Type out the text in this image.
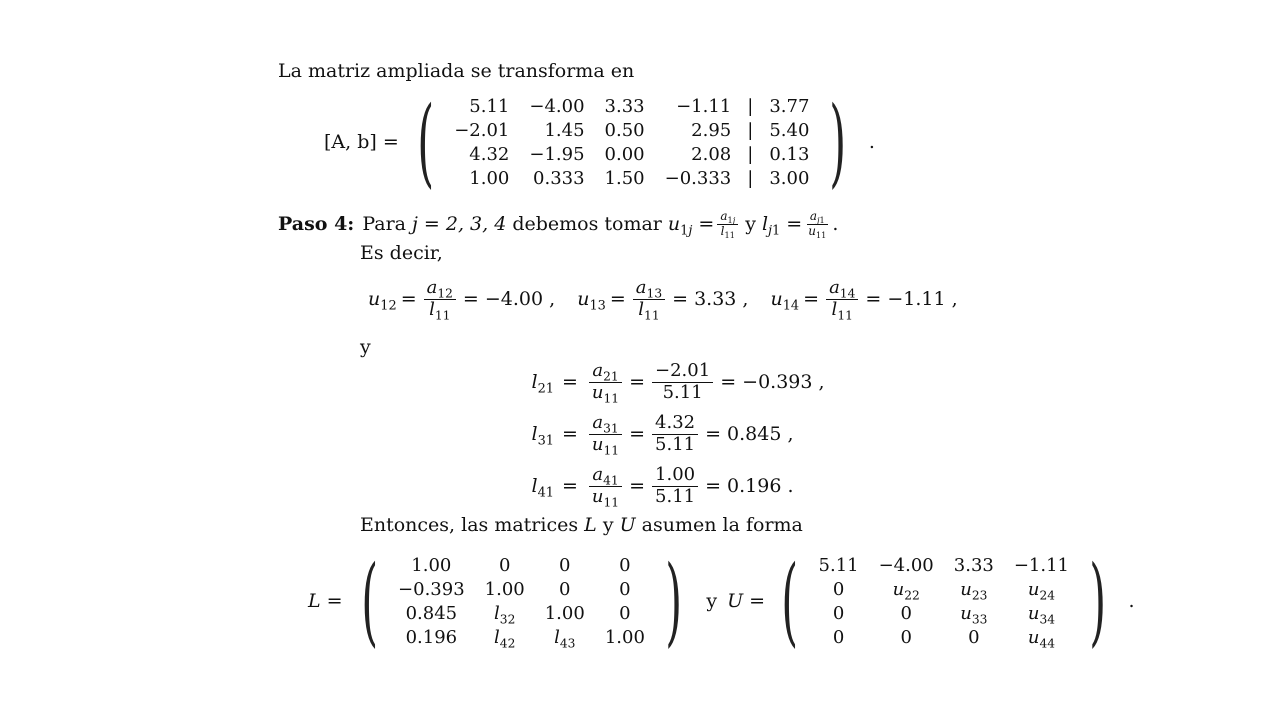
La matriz ampliada se transforma en
[A, b] = ( 5.11	−4.00	3.33	−1.11	|	3.77
−2.01	1.45	0.50	2.95	|	5.40
4.32	−1.95	0.00	2.08	|	0.13
1.00	0.333	1.50	−0.333	|	3.00 ) .
Paso 4: Para j = 2, 3, 4 debemos tomar $u_{1j} = \frac{a_{1j}}{l_{11}}$ y $l_{j1} = \frac{a_{j1}}{u_{11}}$ .
Es decir,
$u_{12} = \frac{a_{12}}{l_{11}} = -4.00$ , $u_{13} = \frac{a_{13}}{l_{11}} = 3.33$ , $u_{14} = \frac{a_{14}}{l_{11}} = -1.11$ ,
y
$l_{21} = \frac{a_{21}}{u_{11}} = \frac{-2.01}{5.11} = -0.393$ ,
$l_{31} = \frac{a_{31}}{u_{11}} = \frac{4.32}{5.11} = 0.845$ ,
$l_{41} = \frac{a_{41}}{u_{11}} = \frac{1.00}{5.11} = 0.196$ .
Entonces, las matrices L y U asumen la forma
L = ( 1.00	0	0	0
−0.393	1.00	0	0
0.845	$l_{32}$	1.00	0
0.196	$l_{42}$	$l_{43}$	1.00 ) y U = ( 5.11	−4.00	3.33	−1.11
0	$u_{22}$	$u_{23}$	$u_{24}$
0	0	$u_{33}$	$u_{34}$
0	0	0	$u_{44}$ ) .
